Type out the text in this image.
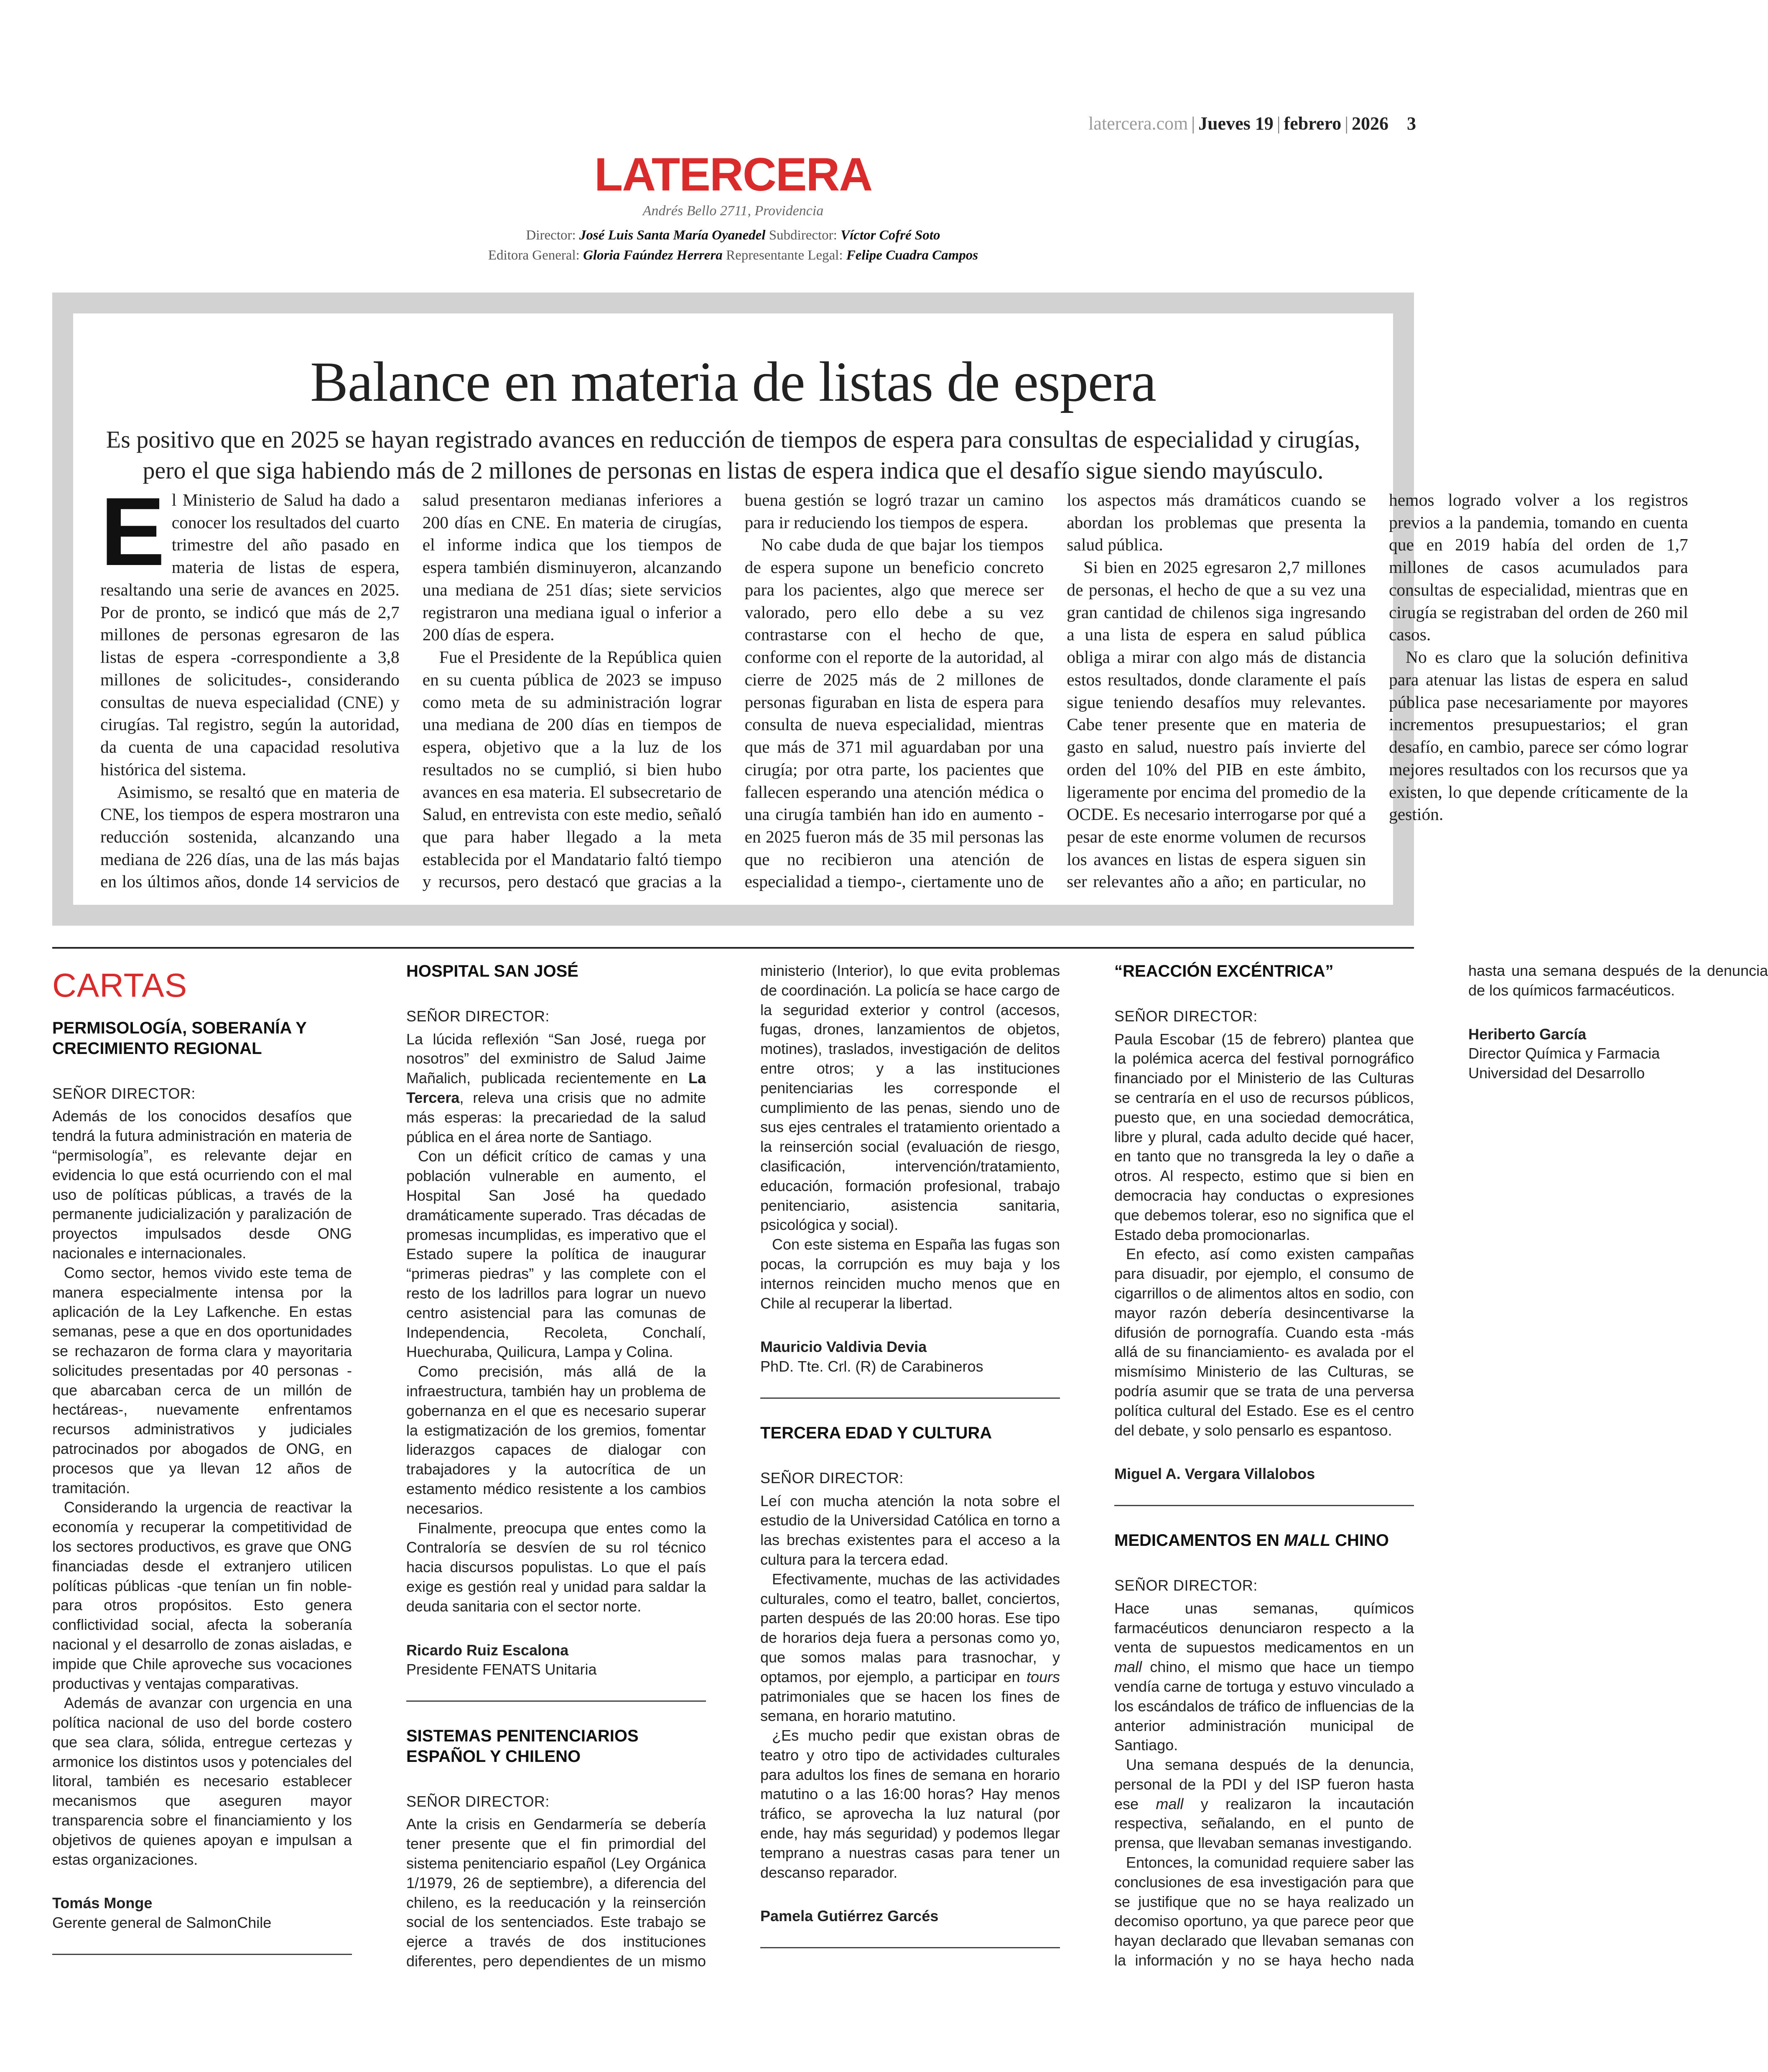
latercera.com | Jueves 19 | febrero | 2026 3
LATERCERA
Andrés Bello 2711, Providencia
Director: José Luis Santa María Oyanedel Subdirector: Víctor Cofré Soto
Editora General: Gloria Faúndez Herrera Representante Legal: Felipe Cuadra Campos
Balance en materia de listas de espera
Es positivo que en 2025 se hayan registrado avances en reducción de tiempos de espera para consultas de especialidad y cirugías, pero el que siga habiendo más de 2 millones de personas en listas de espera indica que el desafío sigue siendo mayúsculo.

El Ministerio de Salud ha dado a conocer los resultados del cuarto trimestre del año pasado en materia de listas de espera, resaltando una serie de avances en 2025. Por de pronto, se indicó que más de 2,7 millones de personas egresaron de las listas de espera -correspondiente a 3,8 millones de solicitudes-, considerando consultas de nueva especialidad (CNE) y cirugías. Tal registro, según la autoridad, da cuenta de una capacidad resolutiva histórica del sistema.

Asimismo, se resaltó que en materia de CNE, los tiempos de espera mostraron una reducción sostenida, alcanzando una mediana de 226 días, una de las más bajas en los últimos años, donde 14 servicios de salud presentaron medianas inferiores a 200 días en CNE. En materia de cirugías, el informe indica que los tiempos de espera también disminuyeron, alcanzando una mediana de 251 días; siete servicios registraron una mediana igual o inferior a 200 días de espera.

Fue el Presidente de la República quien en su cuenta pública de 2023 se impuso como meta de su administración lograr una mediana de 200 días en tiempos de espera, objetivo que a la luz de los resultados no se cumplió, si bien hubo avances en esa materia. El subsecretario de Salud, en entrevista con este medio, señaló que para haber llegado a la meta establecida por el Mandatario faltó tiempo y recursos, pero destacó que gracias a la buena gestión se logró trazar un camino para ir reduciendo los tiempos de espera.

No cabe duda de que bajar los tiempos de espera supone un beneficio concreto para los pacientes, algo que merece ser valorado, pero ello debe a su vez contrastarse con el hecho de que, conforme con el reporte de la autoridad, al cierre de 2025 más de 2 millones de personas figuraban en lista de espera para consulta de nueva especialidad, mientras que más de 371 mil aguardaban por una cirugía; por otra parte, los pacientes que fallecen esperando una atención médica o una cirugía también han ido en aumento -en 2025 fueron más de 35 mil personas las que no recibieron una atención de especialidad a tiempo-, ciertamente uno de los aspectos más dramáticos cuando se abordan los problemas que presenta la salud pública.

Si bien en 2025 egresaron 2,7 millones de personas, el hecho de que a su vez una gran cantidad de chilenos siga ingresando a una lista de espera en salud pública obliga a mirar con algo más de distancia estos resultados, donde claramente el país sigue teniendo desafíos muy relevantes. Cabe tener presente que en materia de gasto en salud, nuestro país invierte del orden del 10% del PIB en este ámbito, ligeramente por encima del promedio de la OCDE. Es necesario interrogarse por qué a pesar de este enorme volumen de recursos los avances en listas de espera siguen sin ser relevantes año a año; en particular, no hemos logrado volver a los registros previos a la pandemia, tomando en cuenta que en 2019 había del orden de 1,7 millones de casos acumulados para consultas de especialidad, mientras que en cirugía se registraban del orden de 260 mil casos.

No es claro que la solución definitiva para atenuar las listas de espera en salud pública pase necesariamente por mayores incrementos presupuestarios; el gran desafío, en cambio, parece ser cómo lograr mejores resultados con los recursos que ya existen, lo que depende críticamente de la gestión.

CARTAS
PERMISOLOGÍA, SOBERANÍA Y CRECIMIENTO REGIONAL
SEÑOR DIRECTOR:

Además de los conocidos desafíos que tendrá la futura administración en materia de “permisología”, es relevante dejar en evidencia lo que está ocurriendo con el mal uso de políticas públicas, a través de la permanente judicialización y paralización de proyectos impulsados desde ONG nacionales e internacionales.

Como sector, hemos vivido este tema de manera especialmente intensa por la aplicación de la Ley Lafkenche. En estas semanas, pese a que en dos oportunidades se rechazaron de forma clara y mayoritaria solicitudes presentadas por 40 personas -que abarcaban cerca de un millón de hectáreas-, nuevamente enfrentamos recursos administrativos y judiciales patrocinados por abogados de ONG, en procesos que ya llevan 12 años de tramitación.

Considerando la urgencia de reactivar la economía y recuperar la competitividad de los sectores productivos, es grave que ONG financiadas desde el extranjero utilicen políticas públicas -que tenían un fin noble- para otros propósitos. Esto genera conflictividad social, afecta la soberanía nacional y el desarrollo de zonas aisladas, e impide que Chile aproveche sus vocaciones productivas y ventajas comparativas.

Además de avanzar con urgencia en una política nacional de uso del borde costero que sea clara, sólida, entregue certezas y armonice los distintos usos y potenciales del litoral, también es necesario establecer mecanismos que aseguren mayor transparencia sobre el financiamiento y los objetivos de quienes apoyan e impulsan a estas organizaciones.

Tomás Monge
Gerente general de SalmonChile
HOSPITAL SAN JOSÉ
SEÑOR DIRECTOR:

La lúcida reflexión “San José, ruega por nosotros” del exministro de Salud Jaime Mañalich, publicada recientemente en La Tercera, releva una crisis que no admite más esperas: la precariedad de la salud pública en el área norte de Santiago.

Con un déficit crítico de camas y una población vulnerable en aumento, el Hospital San José ha quedado dramáticamente superado. Tras décadas de promesas incumplidas, es imperativo que el Estado supere la política de inaugurar “primeras piedras” y las complete con el resto de los ladrillos para lograr un nuevo centro asistencial para las comunas de Independencia, Recoleta, Conchalí, Huechuraba, Quilicura, Lampa y Colina.

Como precisión, más allá de la infraestructura, también hay un problema de gobernanza en el que es necesario superar la estigmatización de los gremios, fomentar liderazgos capaces de dialogar con trabajadores y la autocrítica de un estamento médico resistente a los cambios necesarios.

Finalmente, preocupa que entes como la Contraloría se desvíen de su rol técnico hacia discursos populistas. Lo que el país exige es gestión real y unidad para saldar la deuda sanitaria con el sector norte.

Ricardo Ruiz Escalona
Presidente FENATS Unitaria
SISTEMAS PENITENCIARIOS ESPAÑOL Y CHILENO
SEÑOR DIRECTOR:

Ante la crisis en Gendarmería se debería tener presente que el fin primordial del sistema penitenciario español (Ley Orgánica 1/1979, 26 de septiembre), a diferencia del chileno, es la reeducación y la reinserción social de los sentenciados. Este trabajo se ejerce a través de dos instituciones diferentes, pero dependientes de un mismo ministerio (Interior), lo que evita problemas de coordinación. La policía se hace cargo de la seguridad exterior y control (accesos, fugas, drones, lanzamientos de objetos, motines), traslados, investigación de delitos entre otros; y a las instituciones penitenciarias les corresponde el cumplimiento de las penas, siendo uno de sus ejes centrales el tratamiento orientado a la reinserción social (evaluación de riesgo, clasificación, intervención/tratamiento, educación, formación profesional, trabajo penitenciario, asistencia sanitaria, psicológica y social).

Con este sistema en España las fugas son pocas, la corrupción es muy baja y los internos reinciden mucho menos que en Chile al recuperar la libertad.

Mauricio Valdivia Devia
PhD. Tte. Crl. (R) de Carabineros
TERCERA EDAD Y CULTURA
SEÑOR DIRECTOR:

Leí con mucha atención la nota sobre el estudio de la Universidad Católica en torno a las brechas existentes para el acceso a la cultura para la tercera edad.

Efectivamente, muchas de las actividades culturales, como el teatro, ballet, conciertos, parten después de las 20:00 horas. Ese tipo de horarios deja fuera a personas como yo, que somos malas para trasnochar, y optamos, por ejemplo, a participar en tours patrimoniales que se hacen los fines de semana, en horario matutino.

¿Es mucho pedir que existan obras de teatro y otro tipo de actividades culturales para adultos los fines de semana en horario matutino o a las 16:00 horas? Hay menos tráfico, se aprovecha la luz natural (por ende, hay más seguridad) y podemos llegar temprano a nuestras casas para tener un descanso reparador.

Pamela Gutiérrez Garcés
“REACCIÓN EXCÉNTRICA”
SEÑOR DIRECTOR:

Paula Escobar (15 de febrero) plantea que la polémica acerca del festival pornográfico financiado por el Ministerio de las Culturas se centraría en el uso de recursos públicos, puesto que, en una sociedad democrática, libre y plural, cada adulto decide qué hacer, en tanto que no transgreda la ley o dañe a otros. Al respecto, estimo que si bien en democracia hay conductas o expresiones que debemos tolerar, eso no significa que el Estado deba promocionarlas.

En efecto, así como existen campañas para disuadir, por ejemplo, el consumo de cigarrillos o de alimentos altos en sodio, con mayor razón debería desincentivarse la difusión de pornografía. Cuando esta -más allá de su financiamiento- es avalada por el mismísimo Ministerio de las Culturas, se podría asumir que se trata de una perversa política cultural del Estado. Ese es el centro del debate, y solo pensarlo es espantoso.

Miguel A. Vergara Villalobos
MEDICAMENTOS EN MALL CHINO
SEÑOR DIRECTOR:

Hace unas semanas, químicos farmacéuticos denunciaron respecto a la venta de supuestos medicamentos en un mall chino, el mismo que hace un tiempo vendía carne de tortuga y estuvo vinculado a los escándalos de tráfico de influencias de la anterior administración municipal de Santiago.

Una semana después de la denuncia, personal de la PDI y del ISP fueron hasta ese mall y realizaron la incautación respectiva, señalando, en el punto de prensa, que llevaban semanas investigando.

Entonces, la comunidad requiere saber las conclusiones de esa investigación para que se justifique que no se haya realizado un decomiso oportuno, ya que parece peor que hayan declarado que llevaban semanas con la información y no se haya hecho nada hasta una semana después de la denuncia de los químicos farmacéuticos.

Heriberto García
Director Química y Farmacia
Universidad del Desarrollo
